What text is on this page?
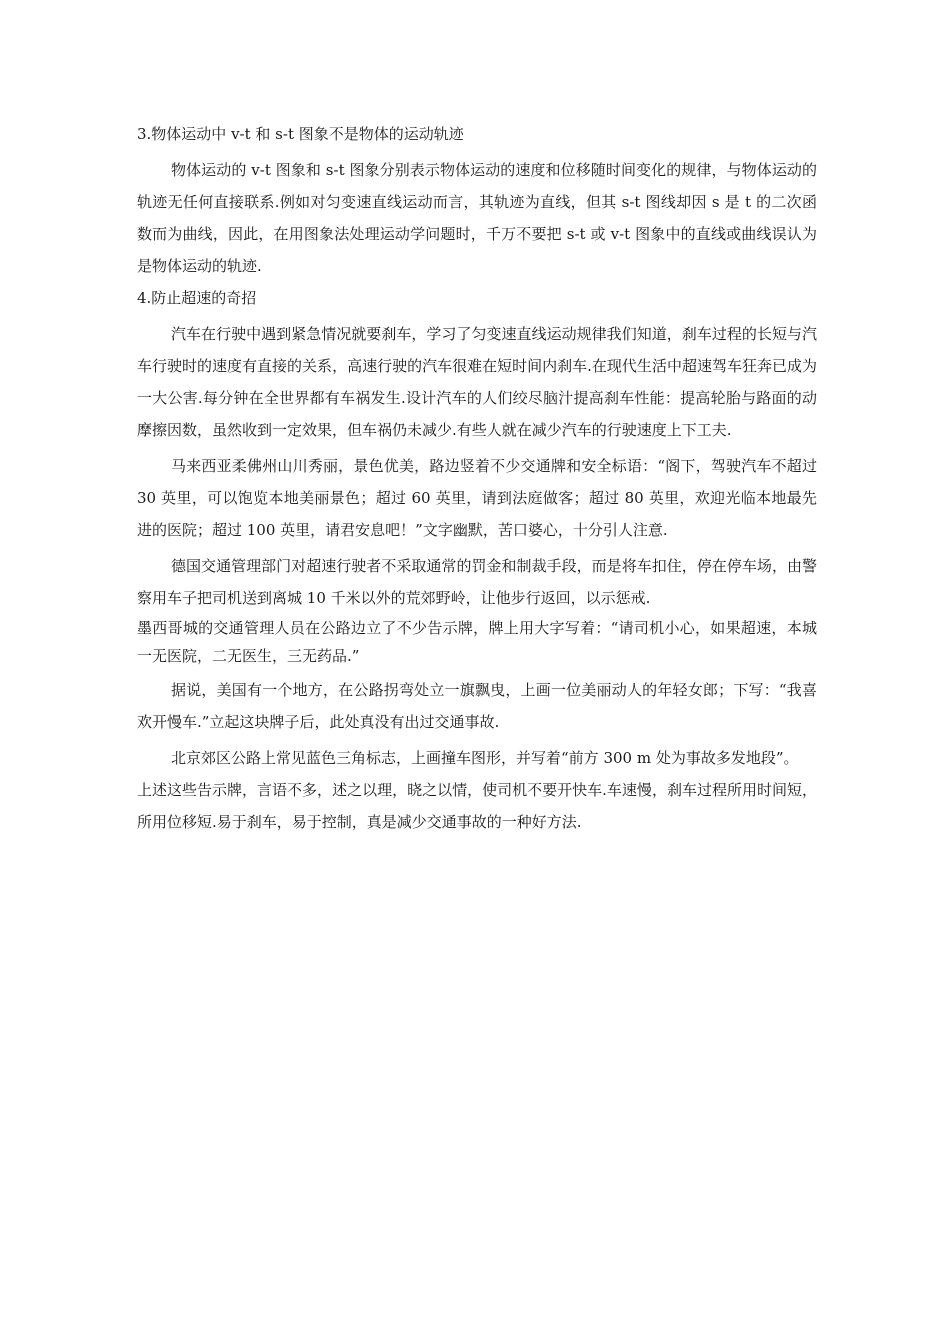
3.物体运动中 v-t 和 s-t 图象不是物体的运动轨迹

物体运动的 v-t 图象和 s-t 图象分别表示物体运动的速度和位移随时间变化的规律，与物体运动的轨迹无任何直接联系.例如对匀变速直线运动而言，其轨迹为直线，但其 s-t 图线却因 s 是 t 的二次函数而为曲线，因此，在用图象法处理运动学问题时，千万不要把 s-t 或 v-t 图象中的直线或曲线误认为是物体运动的轨迹.

4.防止超速的奇招

汽车在行驶中遇到紧急情况就要刹车，学习了匀变速直线运动规律我们知道，刹车过程的长短与汽车行驶时的速度有直接的关系，高速行驶的汽车很难在短时间内刹车.在现代生活中超速驾车狂奔已成为一大公害.每分钟在全世界都有车祸发生.设计汽车的人们绞尽脑汁提高刹车性能：提高轮胎与路面的动摩擦因数，虽然收到一定效果，但车祸仍未减少.有些人就在减少汽车的行驶速度上下工夫.

马来西亚柔佛州山川秀丽，景色优美，路边竖着不少交通牌和安全标语：“阁下，驾驶汽车不超过 30 英里，可以饱览本地美丽景色；超过 60 英里，请到法庭做客；超过 80 英里，欢迎光临本地最先进的医院；超过 100 英里，请君安息吧！”文字幽默，苦口婆心，十分引人注意.

德国交通管理部门对超速行驶者不采取通常的罚金和制裁手段，而是将车扣住，停在停车场，由警察用车子把司机送到离城 10 千米以外的荒郊野岭，让他步行返回，以示惩戒.

墨西哥城的交通管理人员在公路边立了不少告示牌，牌上用大字写着：“请司机小心，如果超速，本城一无医院，二无医生，三无药品.”

据说，美国有一个地方，在公路拐弯处立一旗飘曳，上画一位美丽动人的年轻女郎；下写：“我喜欢开慢车.”立起这块牌子后，此处真没有出过交通事故.

北京郊区公路上常见蓝色三角标志，上画撞车图形，并写着“前方 300 m 处为事故多发地段”。

上述这些告示牌，言语不多，述之以理，晓之以情，使司机不要开快车.车速慢，刹车过程所用时间短，所用位移短.易于刹车，易于控制，真是减少交通事故的一种好方法.
